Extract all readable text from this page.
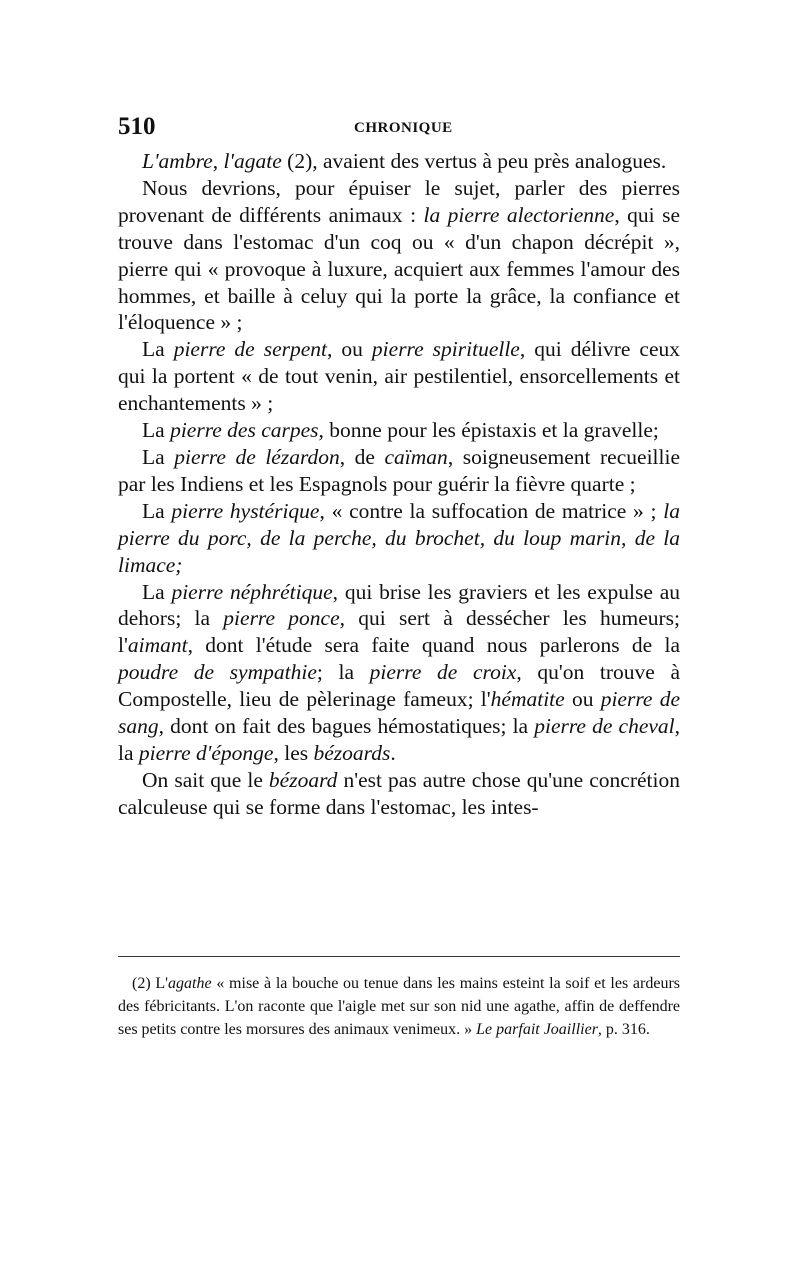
510	CHRONIQUE

L'ambre, l'agate (2), avaient des vertus à peu près analogues.

Nous devrions, pour épuiser le sujet, parler des pierres provenant de différents animaux : la pierre alectorienne, qui se trouve dans l'estomac d'un coq ou « d'un chapon décrépit », pierre qui « provoque à luxure, acquiert aux femmes l'amour des hommes, et baille à celuy qui la porte la grâce, la confiance et l'éloquence » ;

La pierre de serpent, ou pierre spirituelle, qui délivre ceux qui la portent « de tout venin, air pestilentiel, ensorcellements et enchantements » ;

La pierre des carpes, bonne pour les épistaxis et la gravelle;

La pierre de lézardon, de caïman, soigneusement recueillie par les Indiens et les Espagnols pour guérir la fièvre quarte ;

La pierre hystérique, « contre la suffocation de matrice » ; la pierre du porc, de la perche, du brochet, du loup marin, de la limace;

La pierre néphrétique, qui brise les graviers et les expulse au dehors; la pierre ponce, qui sert à dessécher les humeurs; l'aimant, dont l'étude sera faite quand nous parlerons de la poudre de sympathie; la pierre de croix, qu'on trouve à Compostelle, lieu de pèlerinage fameux; l'hématite ou pierre de sang, dont on fait des bagues hémostatiques; la pierre de cheval, la pierre d'éponge, les bézoards.

On sait que le bézoard n'est pas autre chose qu'une concrétion calculeuse qui se forme dans l'estomac, les intes-

(2) L'agathe « mise à la bouche ou tenue dans les mains esteint la soif et les ardeurs des fébricitants. L'on raconte que l'aigle met sur son nid une agathe, affin de deffendre ses petits contre les morsures des animaux venimeux. » Le parfait Joaillier, p. 316.
